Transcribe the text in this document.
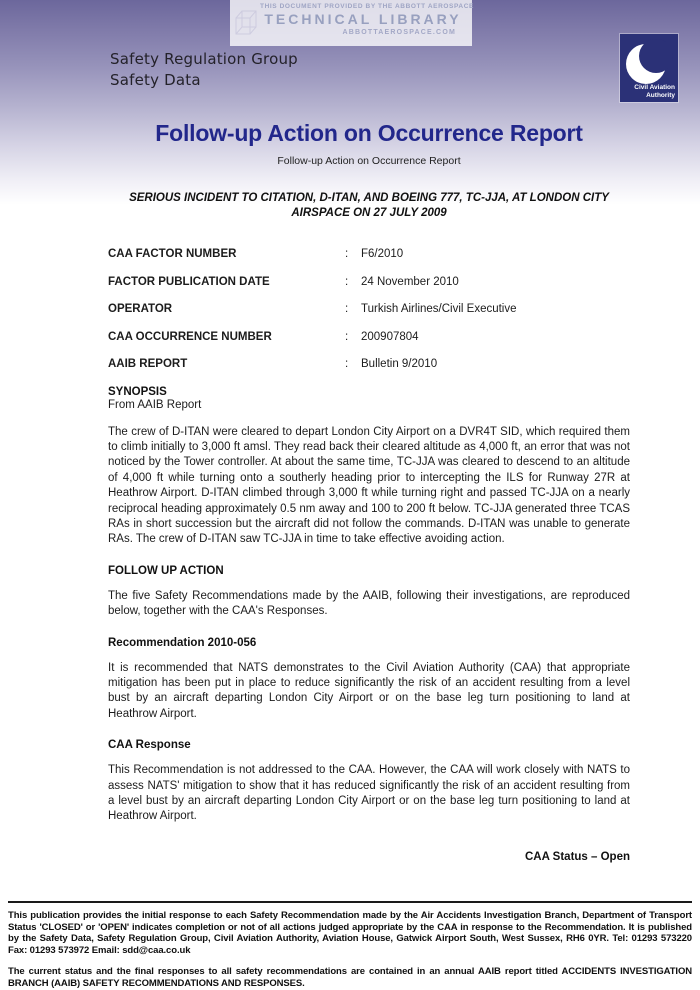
THIS DOCUMENT PROVIDED BY THE ABBOTT AEROSPACE
TECHNICAL LIBRARY
ABBOTTAEROSPACE.COM
Safety Regulation Group
Safety Data	Civil Aviation
Authority
Follow-up Action on Occurrence Report
Follow-up Action on Occurrence Report
SERIOUS INCIDENT TO CITATION, D-ITAN, AND BOEING 777, TC-JJA, AT LONDON CITY AIRSPACE ON 27 JULY 2009
CAA FACTOR NUMBER	:	F6/2010
FACTOR PUBLICATION DATE	:	24 November 2010
OPERATOR	:	Turkish Airlines/Civil Executive
CAA OCCURRENCE NUMBER	:	200907804
AAIB REPORT	:	Bulletin 9/2010
SYNOPSIS
From AAIB Report

The crew of D-ITAN were cleared to depart London City Airport on a DVR4T SID, which required them to climb initially to 3,000 ft amsl. They read back their cleared altitude as 4,000 ft, an error that was not noticed by the Tower controller. At about the same time, TC-JJA was cleared to descend to an altitude of 4,000 ft while turning onto a southerly heading prior to intercepting the ILS for Runway 27R at Heathrow Airport. D-ITAN climbed through 3,000 ft while turning right and passed TC-JJA on a nearly reciprocal heading approximately 0.5 nm away and 100 to 200 ft below. TC-JJA generated three TCAS RAs in short succession but the aircraft did not follow the commands. D-ITAN was unable to generate RAs. The crew of D-ITAN saw TC-JJA in time to take effective avoiding action.

FOLLOW UP ACTION

The five Safety Recommendations made by the AAIB, following their investigations, are reproduced below, together with the CAA's Responses.

Recommendation 2010-056

It is recommended that NATS demonstrates to the Civil Aviation Authority (CAA) that appropriate mitigation has been put in place to reduce significantly the risk of an accident resulting from a level bust by an aircraft departing London City Airport or on the base leg turn positioning to land at Heathrow Airport.

CAA Response

This Recommendation is not addressed to the CAA. However, the CAA will work closely with NATS to assess NATS' mitigation to show that it has reduced significantly the risk of an accident resulting from a level bust by an aircraft departing London City Airport or on the base leg turn positioning to land at Heathrow Airport.

CAA Status – Open

This publication provides the initial response to each Safety Recommendation made by the Air Accidents Investigation Branch, Department of Transport Status 'CLOSED' or 'OPEN' indicates completion or not of all actions judged appropriate by the CAA in response to the Recommendation. It is published by the Safety Data, Safety Regulation Group, Civil Aviation Authority, Aviation House, Gatwick Airport South, West Sussex, RH6 0YR. Tel: 01293 573220 Fax: 01293 573972 Email: sdd@caa.co.uk

The current status and the final responses to all safety recommendations are contained in an annual AAIB report titled ACCIDENTS INVESTIGATION BRANCH (AAIB) SAFETY RECOMMENDATIONS AND RESPONSES.
